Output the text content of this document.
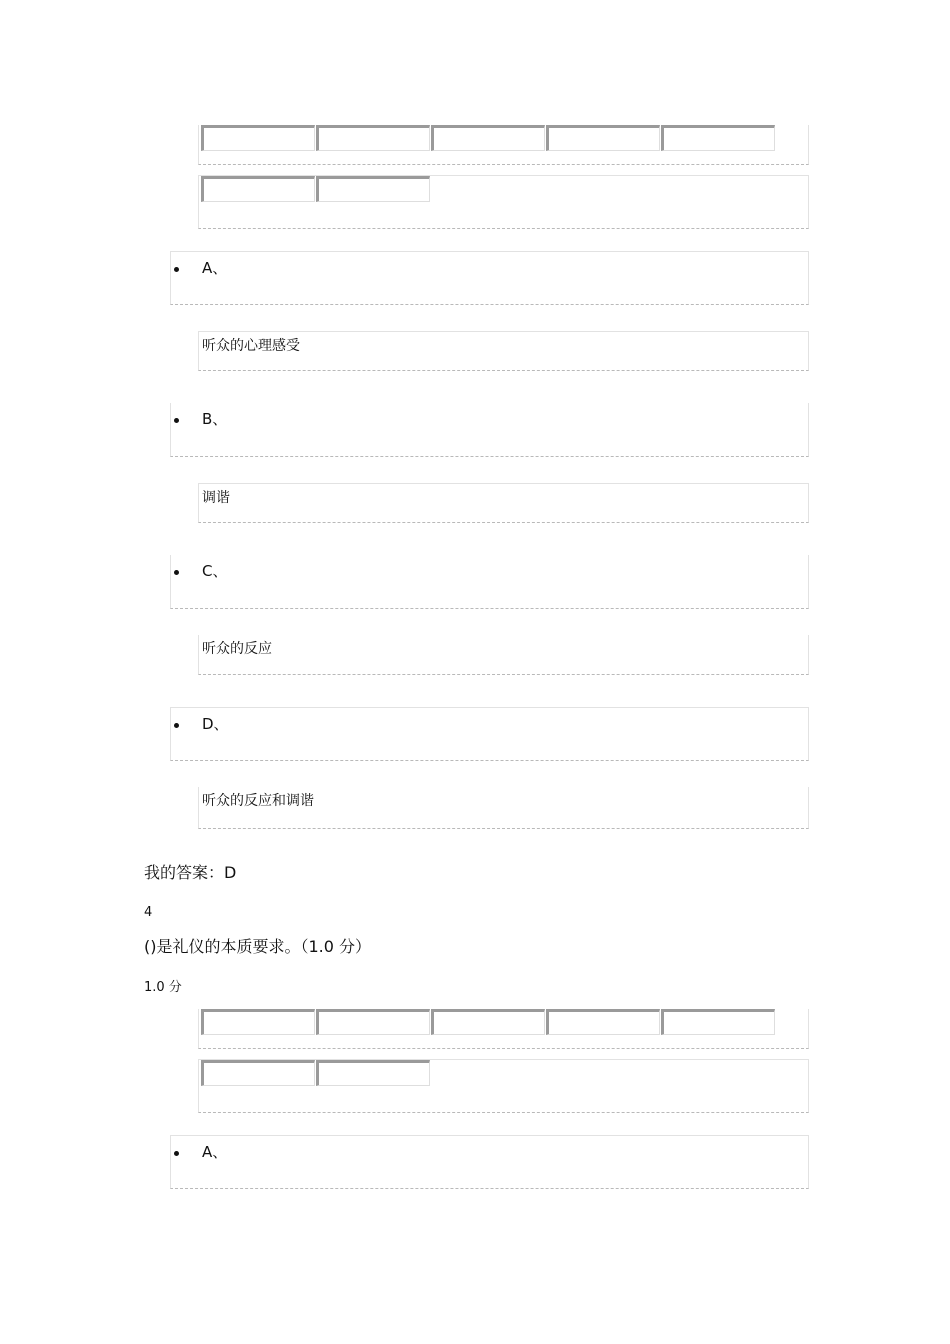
A、
听众的心理感受
B、
调谐
C、
听众的反应
D、
听众的反应和调谐
我的答案：D
4
()是礼仪的本质要求。（1.0 分）
1.0 分
A、
